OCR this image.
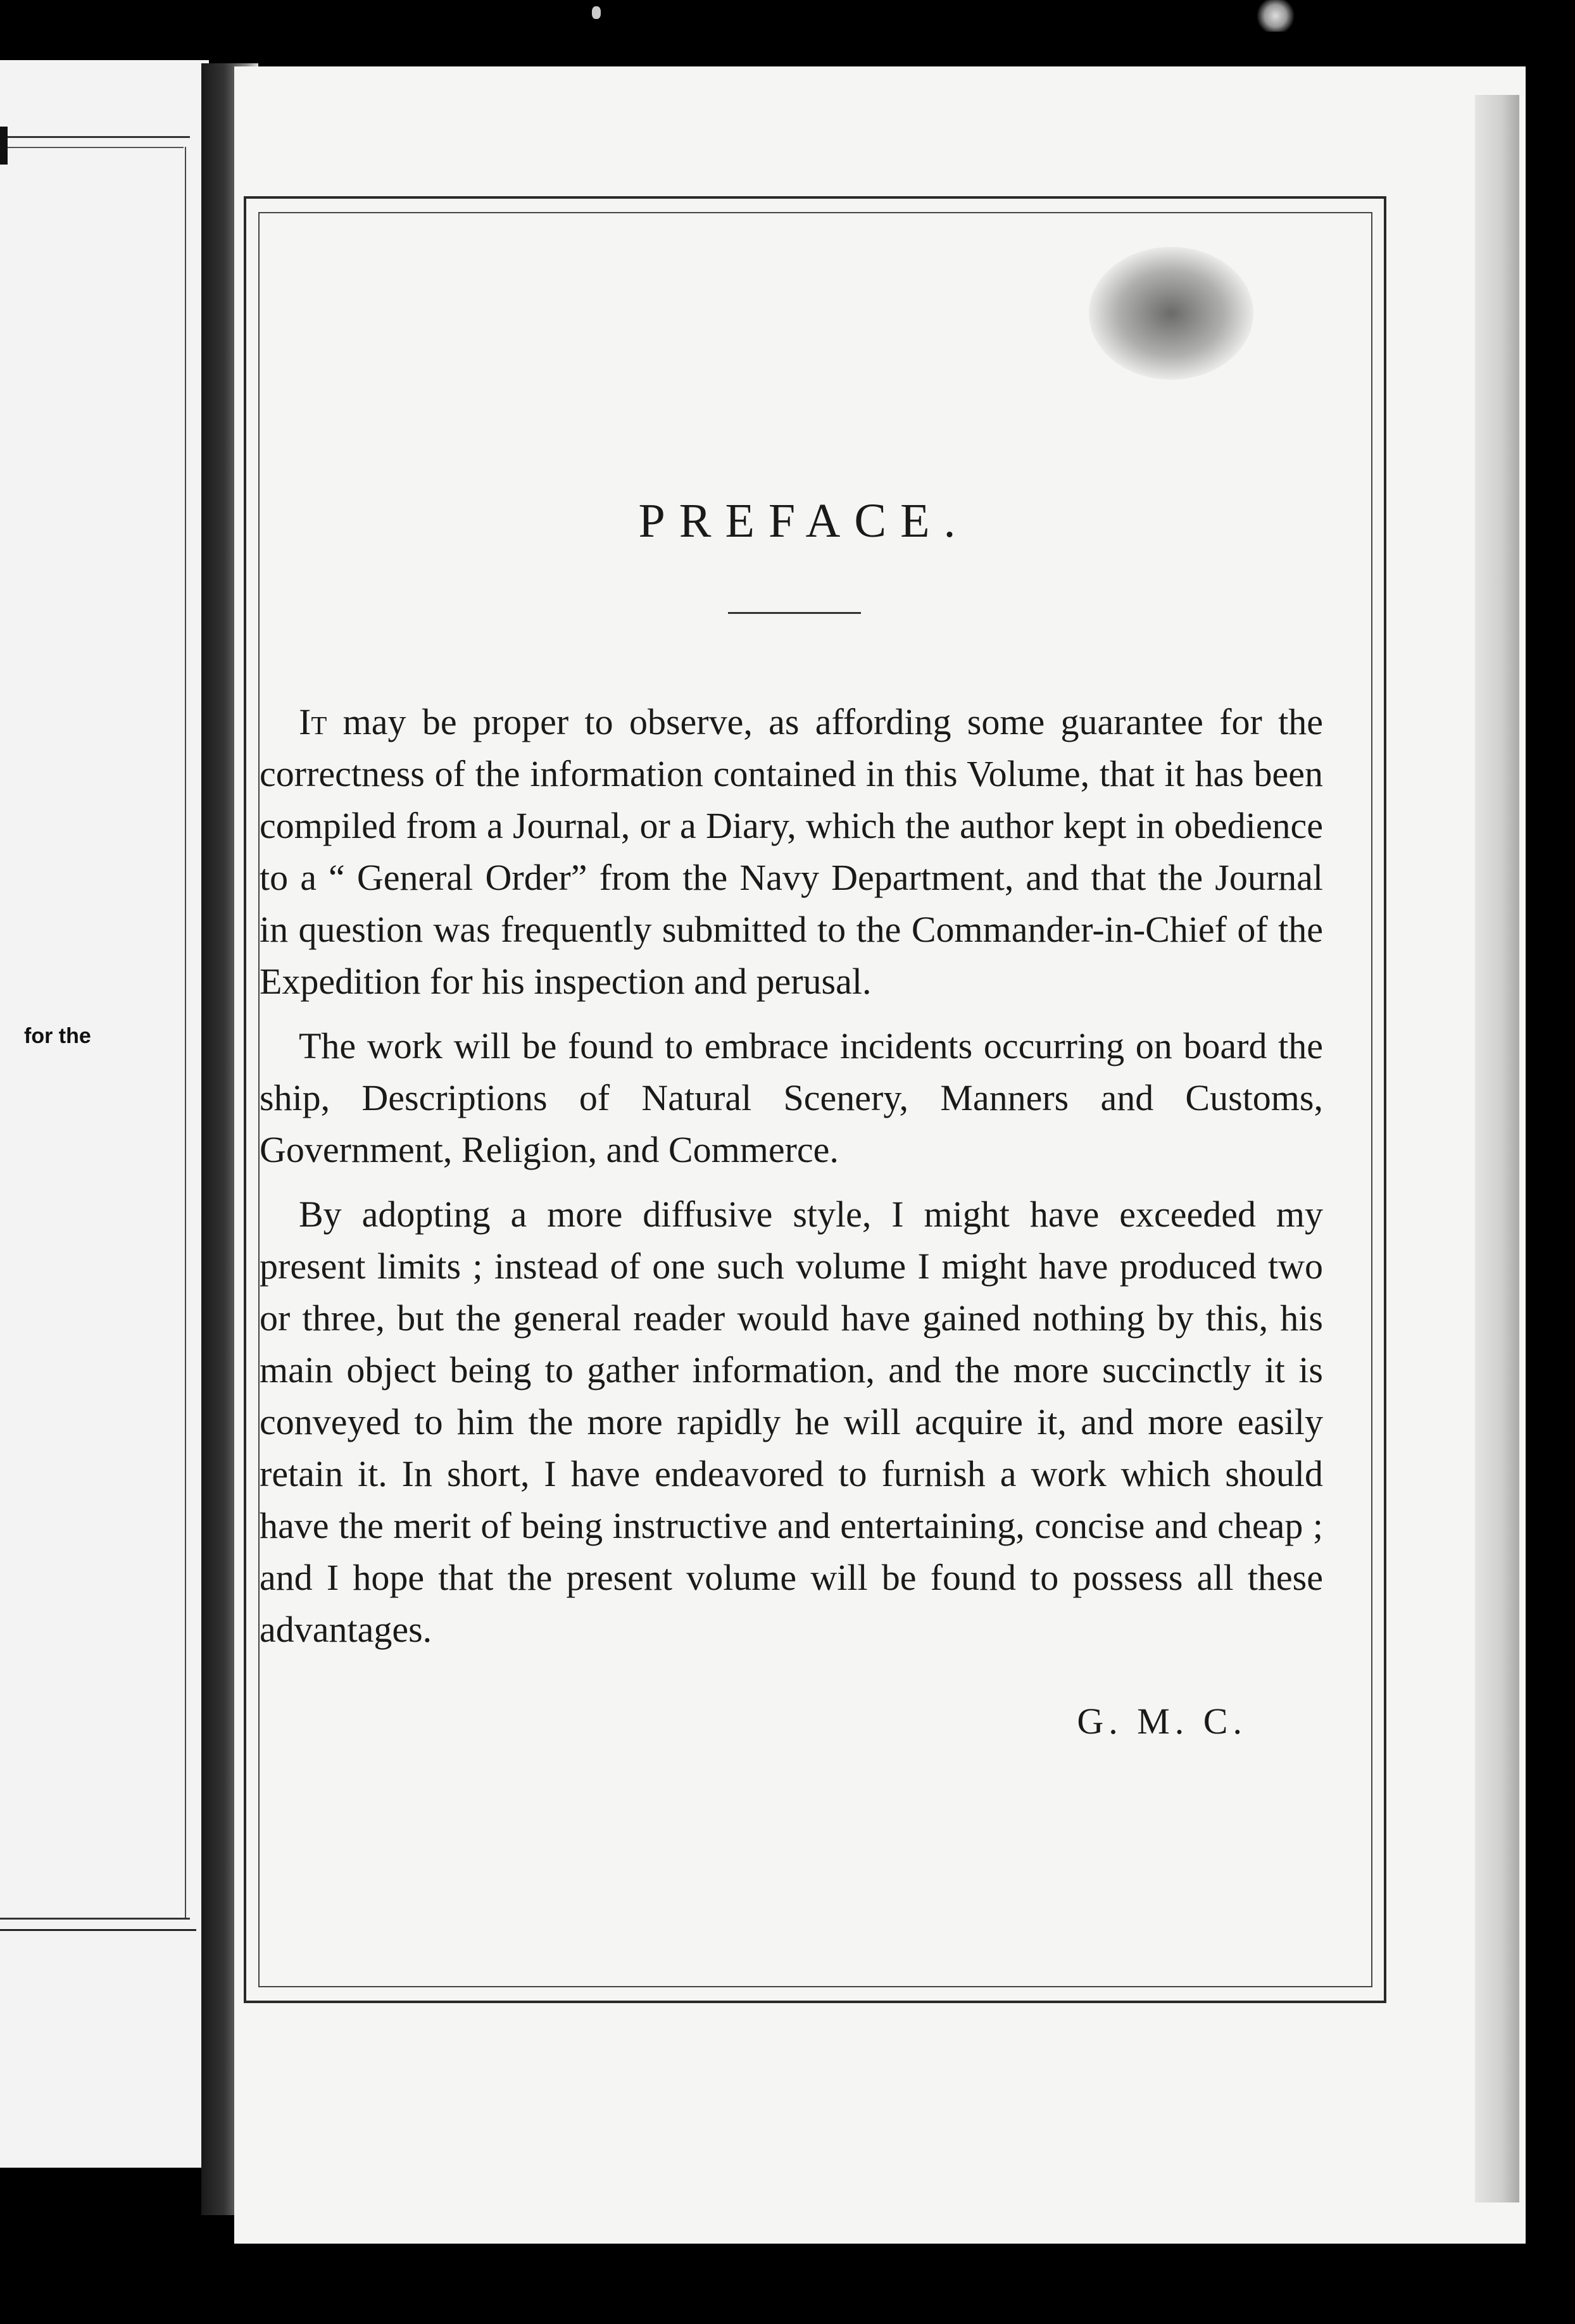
for the
PREFACE.

It may be proper to observe, as affording some guarantee for the correctness of the information contained in this Volume, that it has been compiled from a Journal, or a Diary, which the author kept in obedience to a “ General Order” from the Navy Department, and that the Journal in question was frequently submitted to the Commander-in-Chief of the Expedition for his inspection and perusal.

The work will be found to embrace incidents occurring on board the ship, Descriptions of Natural Scenery, Manners and Customs, Government, Religion, and Commerce.

By adopting a more diffusive style, I might have exceeded my present limits ; instead of one such volume I might have produced two or three, but the general reader would have gained nothing by this, his main object being to gather information, and the more succinctly it is conveyed to him the more rapidly he will acquire it, and more easily retain it. In short, I have endeavored to furnish a work which should have the merit of being instructive and entertaining, concise and cheap ; and I hope that the present volume will be found to possess all these advantages.

G. M. C.
